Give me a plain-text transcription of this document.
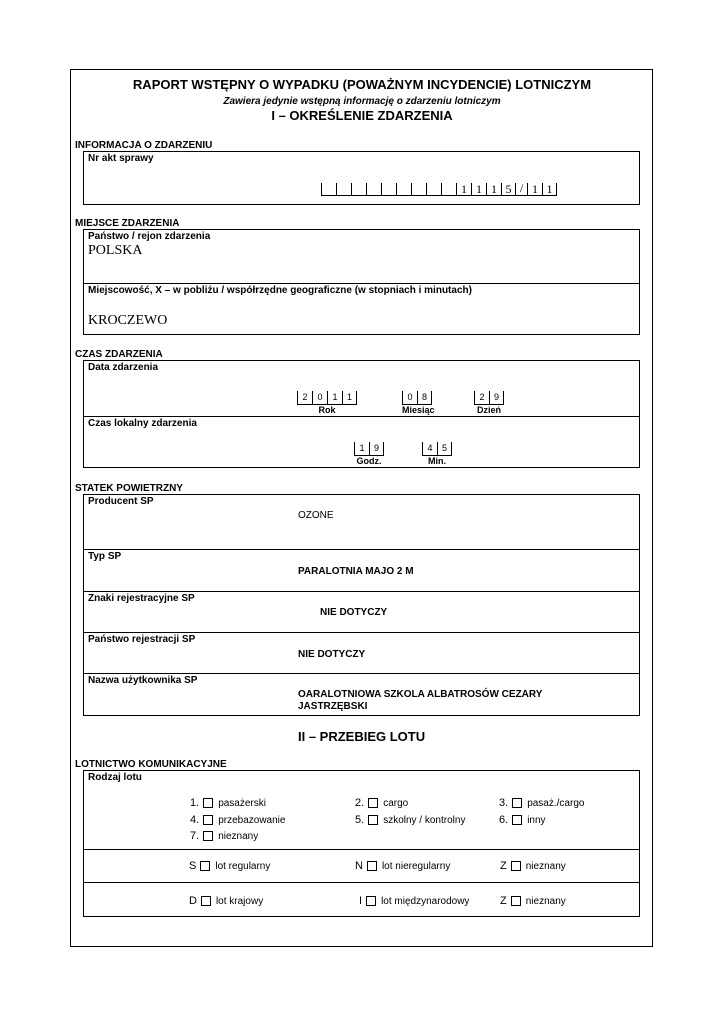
RAPORT WSTĘPNY O WYPADKU (POWAŻNYM INCYDENCIE) LOTNICZYM
Zawiera jedynie wstępną informację o zdarzeniu lotniczym
I – OKREŚLENIE ZDARZENIA
INFORMACJA O ZDARZENIU
Nr akt sprawy
1 1 1 5 / 1 1
MIEJSCE ZDARZENIA
Państwo / rejon zdarzenia
POLSKA
Miejscowość, X – w pobliżu / współrzędne geograficzne (w stopniach i minutach)
KROCZEWO
CZAS ZDARZENIA
Data zdarzenia
2	0	1	1
Rok
0	8
Miesiąc
2	9
Dzień
Czas lokalny zdarzenia
1	9
Godz.
4	5
Min.
STATEK POWIETRZNY
Producent SP
OZONE
Typ SP
PARALOTNIA MAJO 2 M
Znaki rejestracyjne SP
NIE DOTYCZY
Państwo rejestracji SP
NIE DOTYCZY
Nazwa użytkownika SP
OARALOTNIOWA SZKOLA ALBATROSÓW CEZARY
JASTRZĘBSKI
II – PRZEBIEG LOTU
LOTNICTWO KOMUNIKACYJNE
Rodzaj lotu
1. pasażerski	2. cargo	3. pasaż./cargo
4. przebazowanie	5. szkolny / kontrolny	6. inny
7. nieznany
S lot regularny	N lot nieregularny	Z nieznany
D lot krajowy	I lot międzynarodowy	Z nieznany
